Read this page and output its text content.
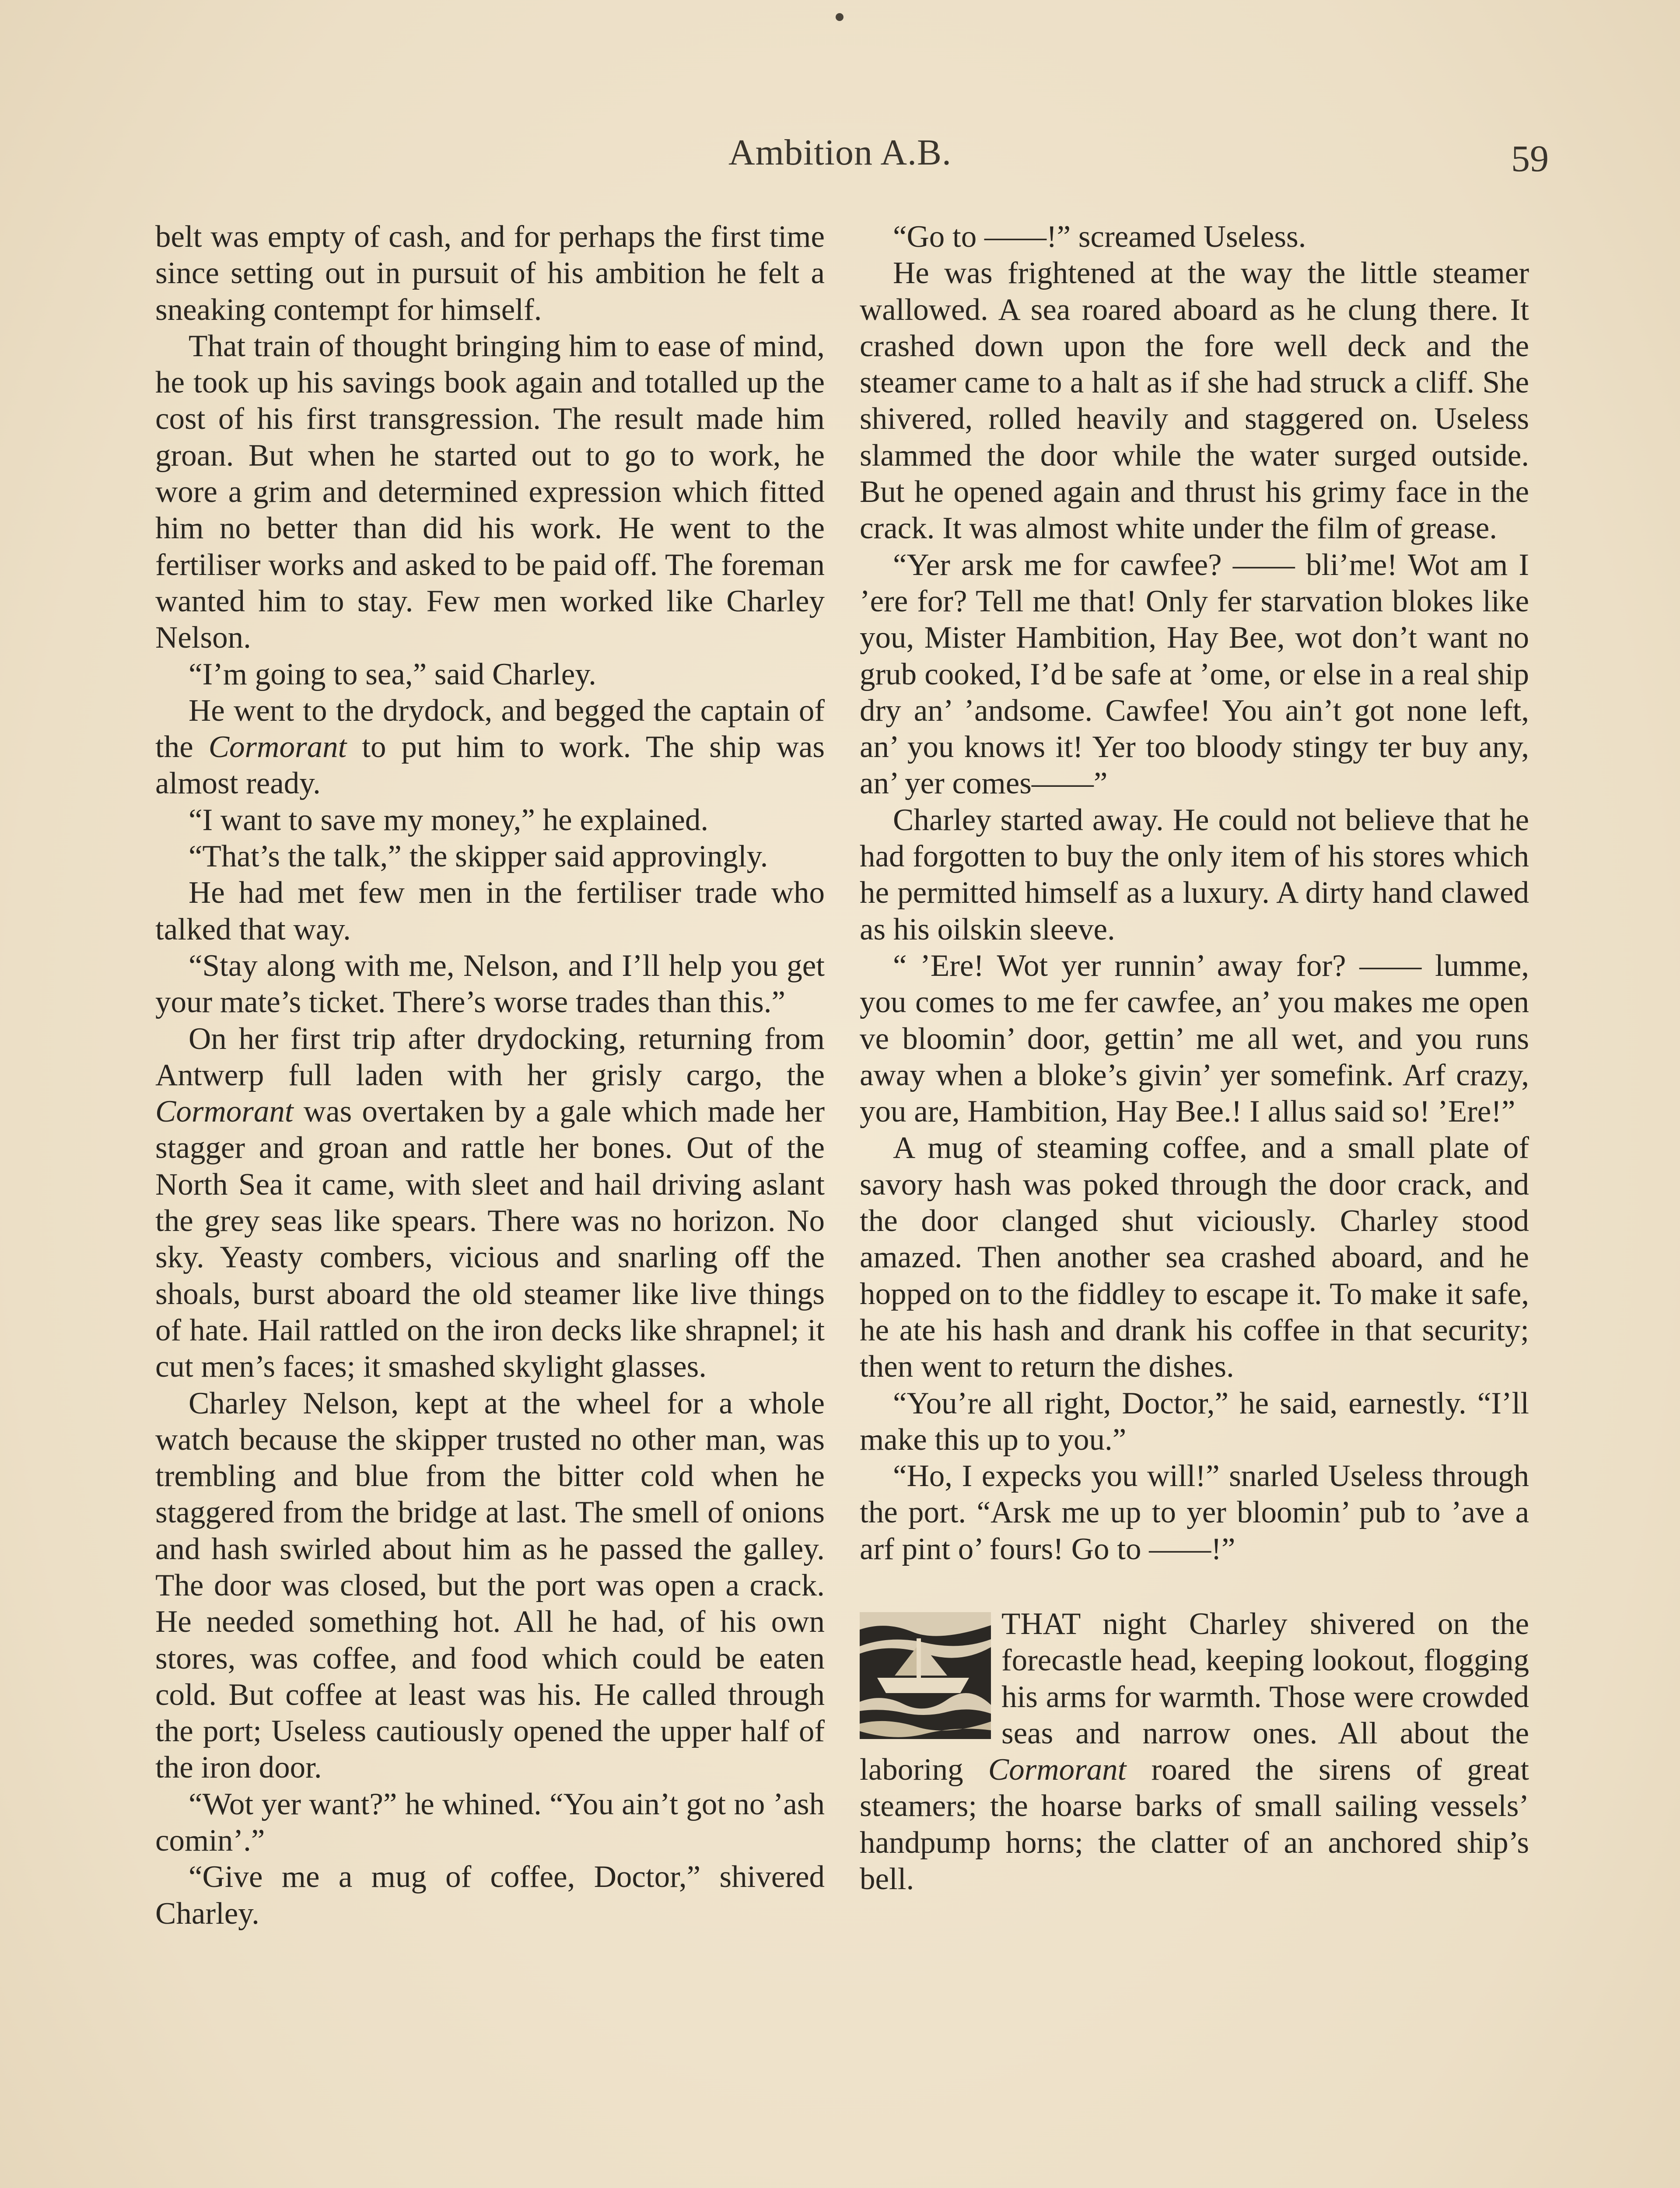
Ambition A.B.	59

belt was empty of cash, and for perhaps the first time since setting out in pursuit of his ambition he felt a sneaking contempt for himself.

That train of thought bringing him to ease of mind, he took up his savings book again and totalled up the cost of his first transgression. The result made him groan. But when he started out to go to work, he wore a grim and determined expression which fitted him no better than did his work. He went to the fertiliser works and asked to be paid off. The foreman wanted him to stay. Few men worked like Charley Nelson.

“I’m going to sea,” said Charley.

He went to the drydock, and begged the captain of the Cormorant to put him to work. The ship was almost ready.

“I want to save my money,” he explained.

“That’s the talk,” the skipper said approvingly.

He had met few men in the fertiliser trade who talked that way.

“Stay along with me, Nelson, and I’ll help you get your mate’s ticket. There’s worse trades than this.”

On her first trip after drydocking, returning from Antwerp full laden with her grisly cargo, the Cormorant was overtaken by a gale which made her stagger and groan and rattle her bones. Out of the North Sea it came, with sleet and hail driving aslant the grey seas like spears. There was no horizon. No sky. Yeasty combers, vicious and snarling off the shoals, burst aboard the old steamer like live things of hate. Hail rattled on the iron decks like shrapnel; it cut men’s faces; it smashed skylight glasses.

Charley Nelson, kept at the wheel for a whole watch because the skipper trusted no other man, was trembling and blue from the bitter cold when he staggered from the bridge at last. The smell of onions and hash swirled about him as he passed the galley. The door was closed, but the port was open a crack. He needed something hot. All he had, of his own stores, was coffee, and food which could be eaten cold. But coffee at least was his. He called through the port; Useless cautiously opened the upper half of the iron door.

“Wot yer want?” he whined. “You ain’t got no ’ash comin’.”

“Give me a mug of coffee, Doctor,” shivered Charley.

“Go to ——!” screamed Useless.

He was frightened at the way the little steamer wallowed. A sea roared aboard as he clung there. It crashed down upon the fore well deck and the steamer came to a halt as if she had struck a cliff. She shivered, rolled heavily and staggered on. Useless slammed the door while the water surged outside. But he opened again and thrust his grimy face in the crack. It was almost white under the film of grease.

“Yer arsk me for cawfee? —— bli’me! Wot am I ’ere for? Tell me that! Only fer starvation blokes like you, Mister Hambition, Hay Bee, wot don’t want no grub cooked, I’d be safe at ’ome, or else in a real ship dry an’ ’andsome. Cawfee! You ain’t got none left, an’ you knows it! Yer too bloody stingy ter buy any, an’ yer comes——”

Charley started away. He could not believe that he had forgotten to buy the only item of his stores which he permitted himself as a luxury. A dirty hand clawed as his oilskin sleeve.

“ ’Ere! Wot yer runnin’ away for? —— lumme, you comes to me fer cawfee, an’ you makes me open ve bloomin’ door, gettin’ me all wet, and you runs away when a bloke’s givin’ yer somefink. Arf crazy, you are, Hambition, Hay Bee.! I allus said so! ’Ere!”

A mug of steaming coffee, and a small plate of savory hash was poked through the door crack, and the door clanged shut viciously. Charley stood amazed. Then another sea crashed aboard, and he hopped on to the fiddley to escape it. To make it safe, he ate his hash and drank his coffee in that security; then went to return the dishes.

“You’re all right, Doctor,” he said, earnestly. “I’ll make this up to you.”

“Ho, I expecks you will!” snarled Useless through the port. “Arsk me up to yer bloomin’ pub to ’ave a arf pint o’ fours! Go to ——!”

THAT night Charley shivered on the forecastle head, keeping lookout, flogging his arms for warmth. Those were crowded seas and narrow ones. All about the laboring Cormorant roared the sirens of great steamers; the hoarse barks of small sailing vessels’ handpump horns; the clatter of an anchored ship’s bell.
